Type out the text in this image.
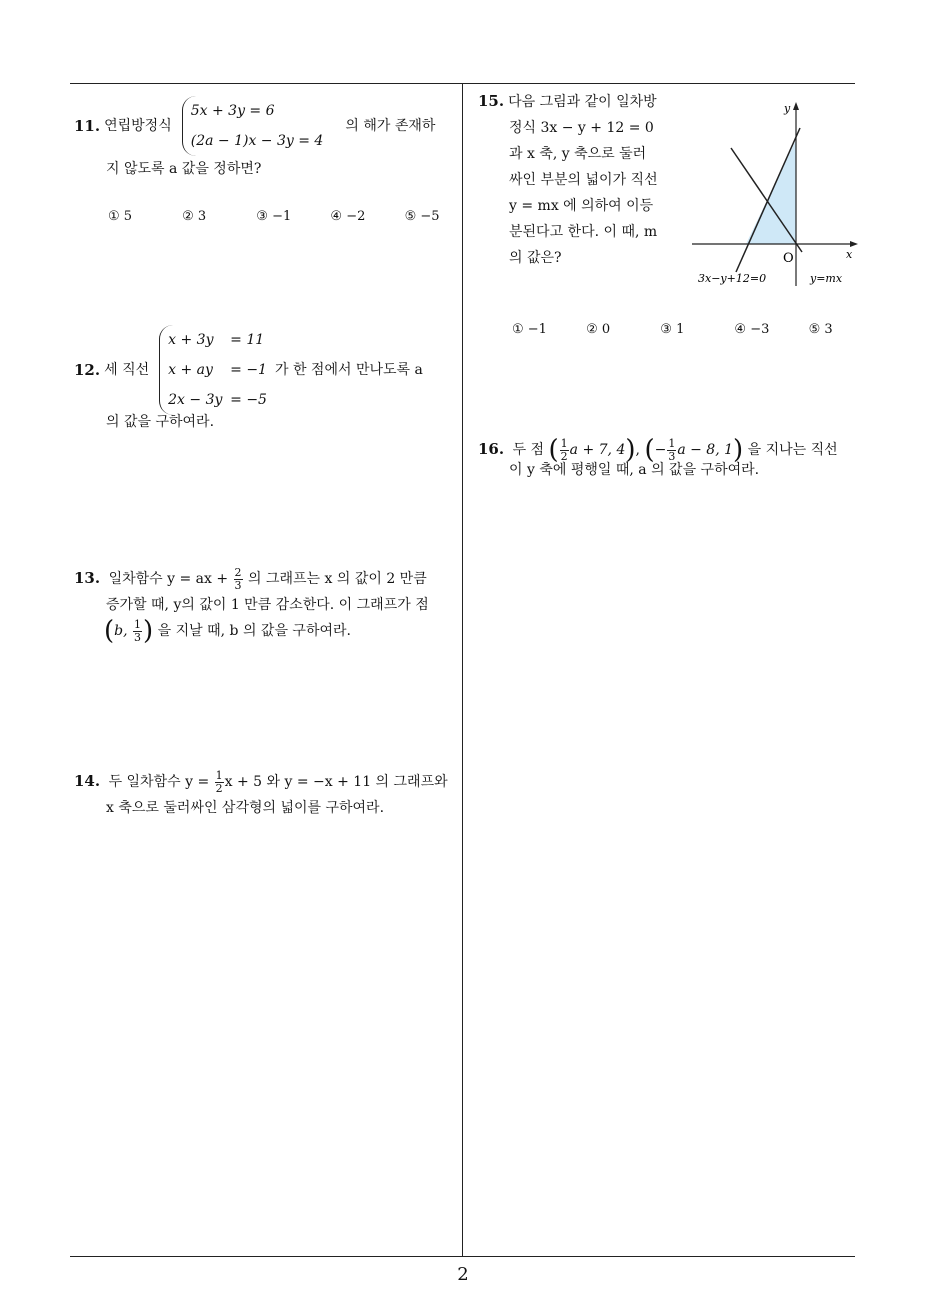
11. 연립방정식
5x + 3y = 6
(2a − 1)x − 3y = 4
의 해가 존재하
지 않도록 a 값을 정하면?
① 5	② 3	③ −1	④ −2	⑤ −5
12. 세 직선
x + 3y = 11
x + ay = −1
2x − 3y = −5
가 한 점에서 만나도록 a
의 값을 구하여라.
13. 일차함수 y = ax + $\frac{2}{3}$ 의 그래프는 x 의 값이 2 만큼
증가할 때, y의 값이 1 만큼 감소한다. 이 그래프가 점
(b, $\frac{1}{3}$ ) 을 지날 때, b 의 값을 구하여라.
14. 두 일차함수 $y = \frac{1}{2}$ x + 5 와 y = −x + 11 의 그래프와
x 축으로 둘러싸인 삼각형의 넓이를 구하여라.
15. 다음 그림과 같이 일차방
정식 3x − y + 12 = 0
과 x 축, y 축으로 둘러
싸인 부분의 넓이가 직선
y = mx 에 의하여 이등
분된다고 한다. 이 때, m
의 값은?	x
y
O
3x−y+12=0	y=mx
① −1	② 0	③ 1	④ −3	⑤ 3
16. 두 점 ( $\frac{1}{2}$ a + 7, 4), (− $\frac{1}{3}$ a − 8, 1) 을 지나는 직선
이 y 축에 평행일 때, a 의 값을 구하여라.
2
